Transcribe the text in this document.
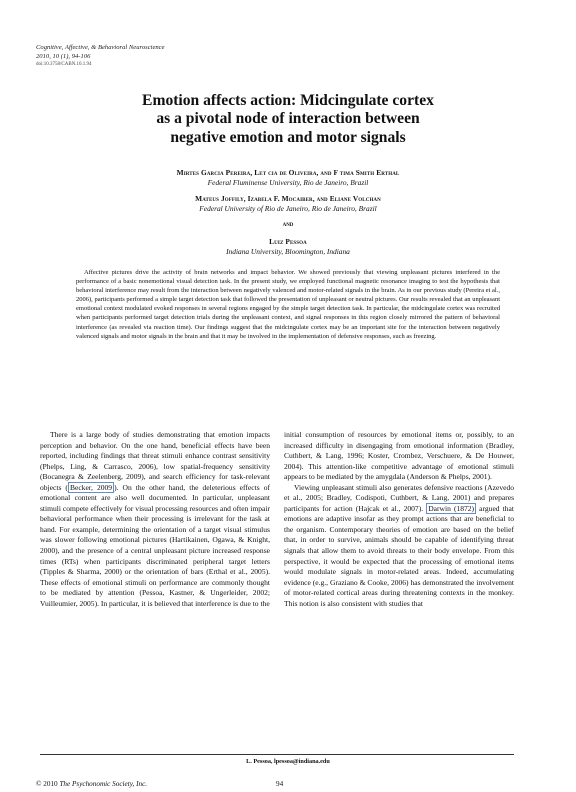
Cognitive, Affective, & Behavioral Neuroscience
2010, 10 (1), 94-106
doi:10.3758/CABN.10.1.94
Emotion affects action: Midcingulate cortex
as a pivotal node of interaction between
negative emotion and motor signals
Mirtes Garcia Pereira, Let cia de Oliveira, and F tima Smith Erthal
Federal Fluminense University, Rio de Janeiro, Brazil
Mateus Joffily, Izabela F. Mocaiber, and Eliane Volchan
Federal University of Rio de Janeiro, Rio de Janeiro, Brazil
and
Luiz Pessoa
Indiana University, Bloomington, Indiana
Affective pictures drive the activity of brain networks and impact behavior. We showed previously that viewing unpleasant pictures interfered in the performance of a basic nonemotional visual detection task. In the present study, we employed functional magnetic resonance imaging to test the hypothesis that behavioral interference may result from the interaction between negatively valenced and motor-related signals in the brain. As in our previous study (Pereira et al., 2006), participants performed a simple target detection task that followed the presentation of unpleasant or neutral pictures. Our results revealed that an unpleasant emotional context modulated evoked responses in several regions engaged by the simple target detection task. In particular, the midcingulate cortex was recruited when participants performed target detection trials during the unpleasant context, and signal responses in this region closely mirrored the pattern of behavioral interference (as revealed via reaction time). Our findings suggest that the midcingulate cortex may be an important site for the interaction between negatively valenced signals and motor signals in the brain and that it may be involved in the implementation of defensive responses, such as freezing.

There is a large body of studies demonstrating that emotion impacts perception and behavior. On the one hand, beneficial effects have been reported, including findings that threat stimuli enhance contrast sensitivity (Phelps, Ling, & Carrasco, 2006), low spatial-frequency sensitivity (Bocanegra & Zeelenberg, 2009), and search efficiency for task-relevant objects ( Becker, 2009 ). On the other hand, the deleterious effects of emotional content are also well documented. In particular, unpleasant stimuli compete effectively for visual processing resources and often impair behavioral performance when their processing is irrelevant for the task at hand. For example, determining the orientation of a target visual stimulus was slower following emotional pictures (Hartikainen, Ogawa, & Knight, 2000), and the presence of a central unpleasant picture increased response times (RTs) when participants discriminated peripheral target letters (Tipples & Sharma, 2000) or the orientation of bars (Erthal et al., 2005). These effects of emotional stimuli on performance are commonly thought to be mediated by attention (Pessoa, Kastner, & Ungerleider, 2002; Vuilleumier, 2005). In particular, it is believed that interference is due to the

initial consumption of resources by emotional items or, possibly, to an increased difficulty in disengaging from emotional information (Bradley, Cuthbert, & Lang, 1996; Koster, Crombez, Verschuere, & De Houwer, 2004). This attention-like competitive advantage of emotional stimuli appears to be mediated by the amygdala (Anderson & Phelps, 2001).

Viewing unpleasant stimuli also generates defensive reactions (Azevedo et al., 2005; Bradley, Codispoti, Cuthbert, & Lang, 2001) and prepares participants for action (Hajcak et al., 2007). Darwin (1872) argued that emotions are adaptive insofar as they prompt actions that are beneficial to the organism. Contemporary theories of emotion are based on the belief that, in order to survive, animals should be capable of identifying threat signals that allow them to avoid threats to their body envelope. From this perspective, it would be expected that the processing of emotional items would modulate signals in motor-related areas. Indeed, accumulating evidence (e.g., Graziano & Cooke, 2006) has demonstrated the involvement of motor-related cortical areas during threatening contexts in the monkey. This notion is also consistent with studies that

L. Pessoa, lpessoa@indiana.edu
© 2010 The Psychonomic Society, Inc.	94
